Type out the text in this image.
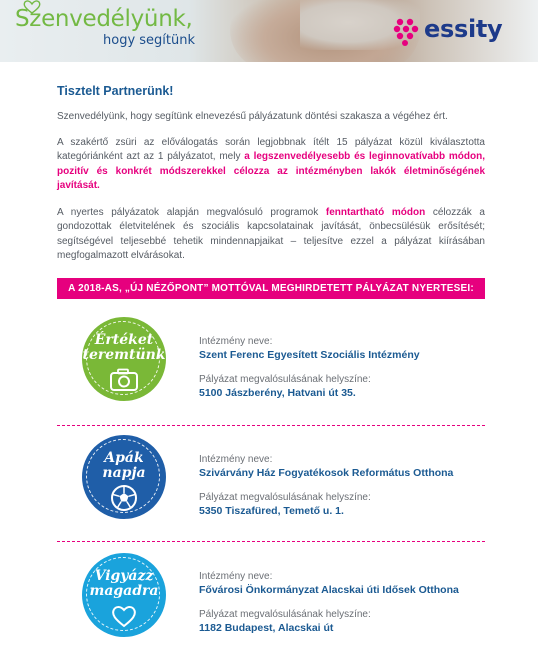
Szenvedélyünk,
hogy segítünk	essity
Tisztelt Partnerünk!

Szenvedélyünk, hogy segítünk elnevezésű pályázatunk döntési szakasza a végéhez ért.

A szakértő zsüri az előválogatás során legjobbnak ítélt 15 pályázat közül kiválasztotta kategóriánként azt az 1 pályázatot, mely a legszenvedélyesebb és leginnovatívabb módon, pozitív és konkrét módszerekkel célozza az intézményben lakók életminőségének javítását.

A nyertes pályázatok alapján megvalósuló programok fenntartható módon célozzák a gondozottak életvitelének és szociális kapcsolatainak javítását, önbecsülésük erősítését; segítségével teljesebbé tehetik mindennapjaikat – teljesítve ezzel a pályázat kiírásában megfogalmazott elvárásokat.

A 2018-AS, „ÚJ NÉZŐPONT” MOTTÓVAL MEGHIRDETETT PÁLYÁZAT NYERTESEI:
Értéket
teremtünk
Intézmény neve:
Szent Ferenc Egyesített Szociális Intézmény
Pályázat megvalósulásának helyszíne:
5100 Jászberény, Hatvani út 35.
Apák
napja
Intézmény neve:
Szivárvány Ház Fogyatékosok Református Otthona
Pályázat megvalósulásának helyszíne:
5350 Tiszafüred, Temető u. 1.
Vigyázz
magadra
Intézmény neve:
Fővárosi Önkormányzat Alacskai úti Idősek Otthona
Pályázat megvalósulásának helyszíne:
1182 Budapest, Alacskai út
